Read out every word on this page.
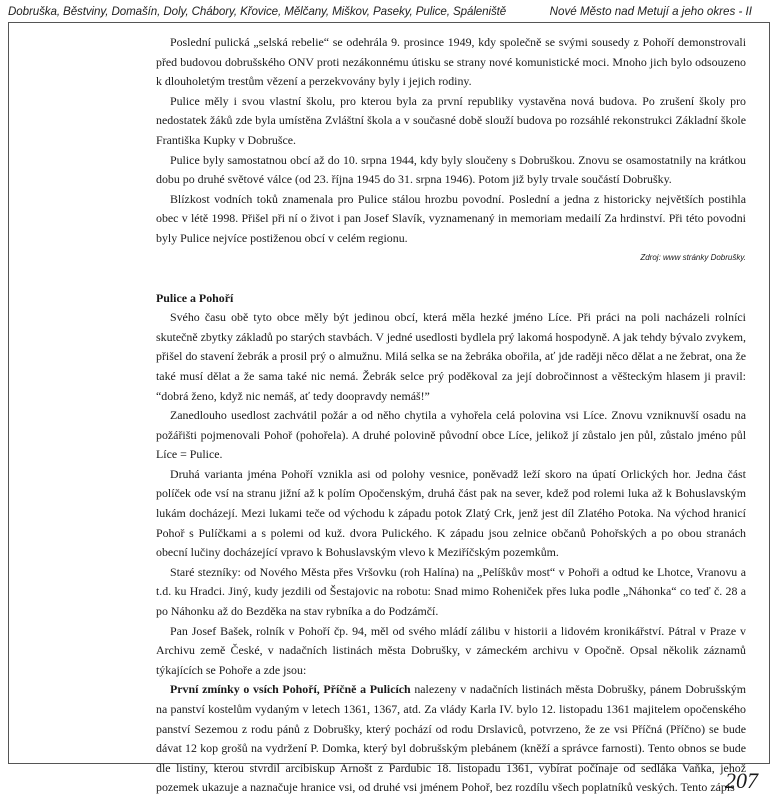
Dobruška, Běstviny, Domašín, Doly, Chábory, Křovice, Mělčany, Miškov, Paseky, Pulice, Spáleniště	Nové Město nad Metují a jeho okres - II

Poslední pulická „selská rebelie“ se odehrála 9. prosince 1949, kdy společně se svými sousedy z Pohoří demonstrovali před budovou dobrušského ONV proti nezákonnému útisku se strany nové komunistické moci. Mnoho jich bylo odsouzeno k dlouholetým trestům vězení a perzekvovány byly i jejich rodiny.

Pulice měly i svou vlastní školu, pro kterou byla za první republiky vystavěna nová budova. Po zrušení školy pro nedostatek žáků zde byla umístěna Zvláštní škola a v současné době slouží budova po rozsáhlé rekonstrukci Základní škole Františka Kupky v Dobrušce.

Pulice byly samostatnou obcí až do 10. srpna 1944, kdy byly sloučeny s Dobruškou. Znovu se osamostatnily na krátkou dobu po druhé světové válce (od 23. října 1945 do 31. srpna 1946). Potom již byly trvale součástí Dobrušky.

Blízkost vodních toků znamenala pro Pulice stálou hrozbu povodní. Poslední a jedna z historicky největších postihla obec v létě 1998. Přišel při ní o život i pan Josef Slavík, vyznamenaný in memoriam medailí Za hrdinství. Při této povodni byly Pulice nejvíce postiženou obcí v celém regionu.

Zdroj: www stránky Dobrušky.

Pulice a Pohoří

Svého času obě tyto obce měly být jedinou obcí, která měla hezké jméno Líce. Při práci na poli nacházeli rolníci skutečně zbytky základů po starých stavbách. V jedné usedlosti bydlela prý lakomá hospodyně. A jak tehdy bývalo zvykem, přišel do stavení žebrák a prosil prý o almužnu. Milá selka se na žebráka obořila, ať jde raději něco dělat a ne žebrat, ona že také musí dělat a že sama také nic nemá. Žebrák selce prý poděkoval za její dobročinnost a věšteckým hlasem ji pravil: “dobrá ženo, když nic nemáš, ať tedy doopravdy nemáš!”

Zanedlouho usedlost zachvátil požár a od něho chytila a vyhořela celá polovina vsi Líce. Znovu vzniknuvší osadu na požářišti pojmenovali Pohoř (pohořela). A druhé polovině původní obce Líce, jelikož jí zůstalo jen půl, zůstalo jméno půl Líce = Pulice.

Druhá varianta jména Pohoří vznikla asi od polohy vesnice, poněvadž leží skoro na úpatí Orlických hor. Jedna část políček ode vsí na stranu jižní až k polím Opočenským, druhá část pak na sever, kdež pod rolemi luka až k Bohuslavským lukám docházejí. Mezi lukami teče od východu k západu potok Zlatý Crk, jenž jest díl Zlatého Potoka. Na východ hranicí Pohoř s Pulíčkami a s polemi od kuž. dvora Pulického. K západu jsou zelnice občanů Pohořských a po obou stranách obecní lučiny docházející vpravo k Bohuslavským vlevo k Meziříčským pozemkům.

Staré stezníky: od Nového Města přes Vršovku (roh Halína) na „Pelíškův most“ v Pohoři a odtud ke Lhotce, Vranovu a t.d. ku Hradci. Jiný, kudy jezdili od Šestajovic na robotu: Snad mimo Roheniček přes luka podle „Náhonka“ co teď č. 28 a po Náhonku až do Bezděka na stav rybníka a do Podzámčí.

Pan Josef Bašek, rolník v Pohoří čp. 94, měl od svého mládí zálibu v historii a lidovém kronikářství. Pátral v Praze v Archivu země České, v nadačních listinách města Dobrušky, v zámeckém archivu v Opočně. Opsal několik záznamů týkajících se Pohoře a zde jsou:

První zmínky o vsích Pohoří, Příčně a Pulicích nalezeny v nadačních listinách města Dobrušky, pánem Dobrušským na panství kostelům vydaným v letech 1361, 1367, atd. Za vlády Karla IV. bylo 12. listopadu 1361 majitelem opočenského panství Sezemou z rodu pánů z Dobrušky, který pochází od rodu Drslaviců, potvrzeno, že ze vsi Příčná (Příčno) se bude dávat 12 kop grošů na vydržení P. Domka, který byl dobrušským plebánem (kněží a správce farnosti). Tento obnos se bude dle listiny, kterou stvrdil arcibiskup Arnošt z Pardubic 18. listopadu 1361, vybírat počínaje od sedláka Vaňka, jehož pozemek ukazuje a naznačuje hranice vsi, od druhé vsi jménem Pohoř, bez rozdílu všech poplatníků veských. Tento zápis

207
